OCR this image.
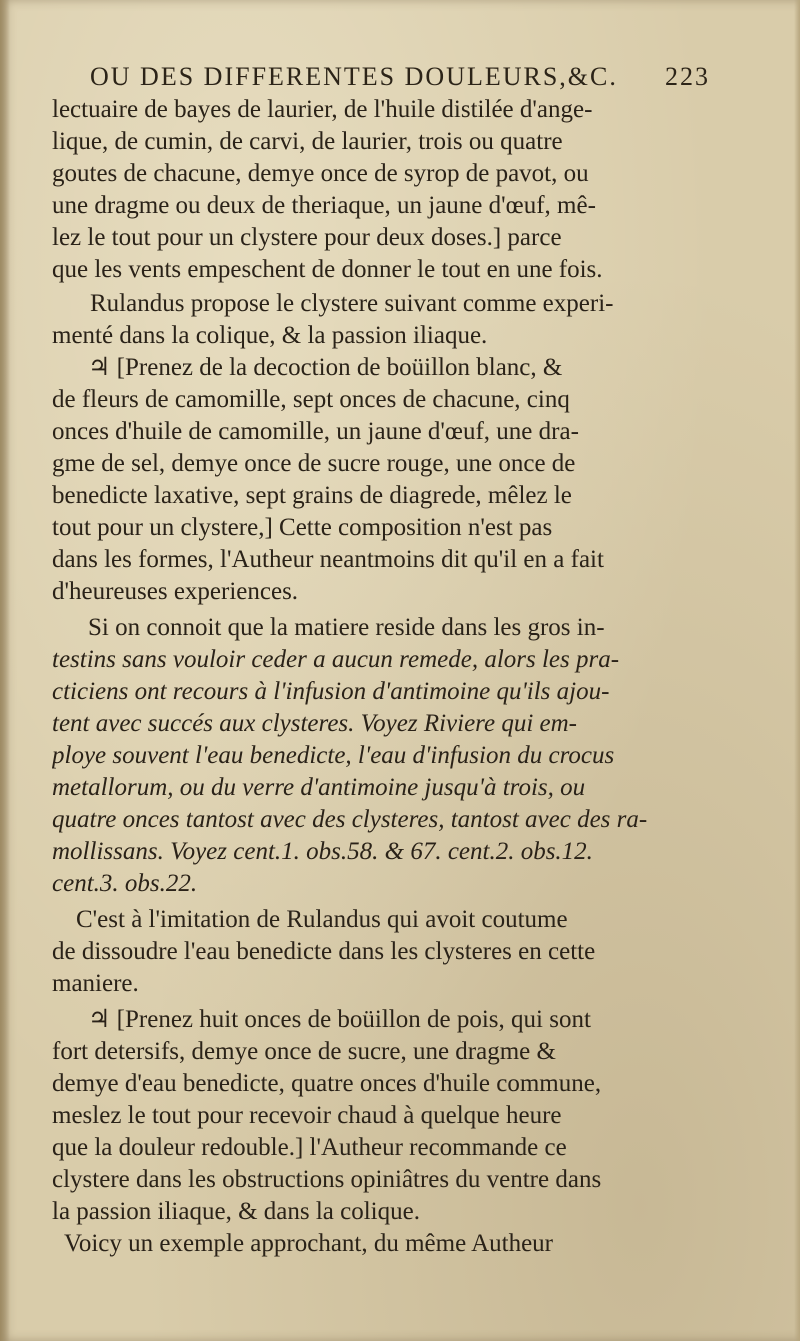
OU DES DIFFERENTES DOULEURS,&C. 223
lectuaire de bayes de laurier, de l'huile distilée d'ange-
lique, de cumin, de carvi, de laurier, trois ou quatre
goutes de chacune, demye once de syrop de pavot, ou
une dragme ou deux de theriaque, un jaune d'œuf, mê-
lez le tout pour un clystere pour deux doses.] parce
que les vents empeschent de donner le tout en une fois.
Rulandus propose le clystere suivant comme experi-
menté dans la colique, & la passion iliaque.
♃ [Prenez de la decoction de boüillon blanc, &
de fleurs de camomille, sept onces de chacune, cinq
onces d'huile de camomille, un jaune d'œuf, une dra-
gme de sel, demye once de sucre rouge, une once de
benedicte laxative, sept grains de diagrede, mêlez le
tout pour un clystere,] Cette composition n'est pas
dans les formes, l'Autheur neantmoins dit qu'il en a fait
d'heureuses experiences.
Si on connoit que la matiere reside dans les gros in-
testins sans vouloir ceder a aucun remede, alors les pra-
cticiens ont recours à l'infusion d'antimoine qu'ils ajou-
tent avec succés aux clysteres. Voyez Riviere qui em-
ploye souvent l'eau benedicte, l'eau d'infusion du crocus
metallorum, ou du verre d'antimoine jusqu'à trois, ou
quatre onces tantost avec des clysteres, tantost avec des ra-
mollissans. Voyez cent.1. obs.58. & 67. cent.2. obs.12.
cent.3. obs.22.
C'est à l'imitation de Rulandus qui avoit coutume
de dissoudre l'eau benedicte dans les clysteres en cette
maniere.
♃ [Prenez huit onces de boüillon de pois, qui sont
fort detersifs, demye once de sucre, une dragme &
demye d'eau benedicte, quatre onces d'huile commune,
meslez le tout pour recevoir chaud à quelque heure
que la douleur redouble.] l'Autheur recommande ce
clystere dans les obstructions opiniâtres du ventre dans
la passion iliaque, & dans la colique.
Voicy un exemple approchant, du même Autheur
